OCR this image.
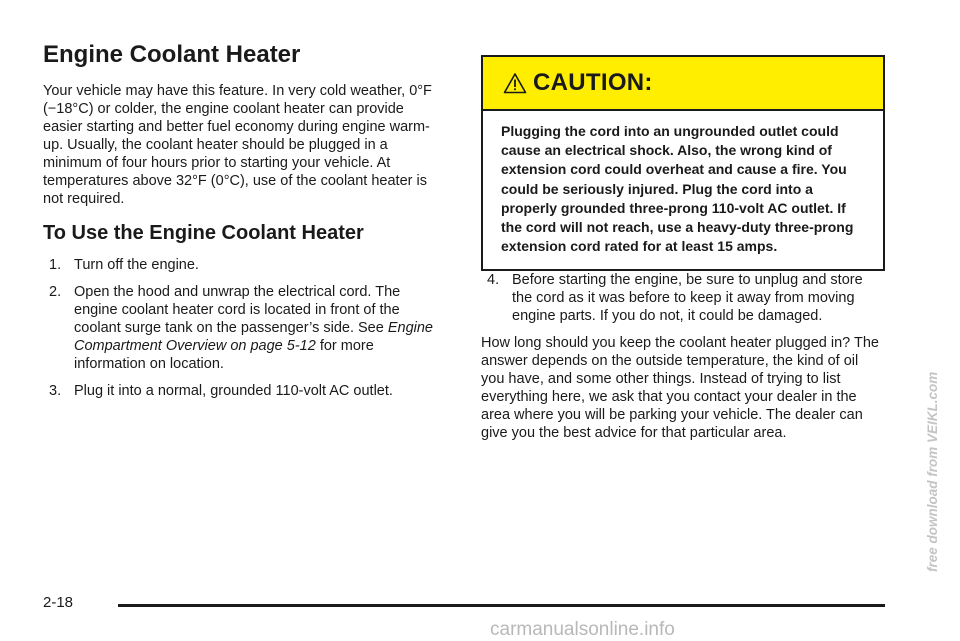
Engine Coolant Heater

Your vehicle may have this feature. In very cold weather, 0°F (−18°C) or colder, the engine coolant heater can provide easier starting and better fuel economy during engine warm-up. Usually, the coolant heater should be plugged in a minimum of four hours prior to starting your vehicle. At temperatures above 32°F (0°C), use of the coolant heater is not required.

To Use the Engine Coolant Heater
1. Turn off the engine.
2. Open the hood and unwrap the electrical cord. The engine coolant heater cord is located in front of the coolant surge tank on the passenger’s side. See Engine Compartment Overview on page 5-12 for more information on location.
3. Plug it into a normal, grounded 110-volt AC outlet.
CAUTION:
Plugging the cord into an ungrounded outlet could cause an electrical shock. Also, the wrong kind of extension cord could overheat and cause a fire. You could be seriously injured. Plug the cord into a properly grounded three-prong 110-volt AC outlet. If the cord will not reach, use a heavy-duty three-prong extension cord rated for at least 15 amps.
4. Before starting the engine, be sure to unplug and store the cord as it was before to keep it away from moving engine parts. If you do not, it could be damaged.

How long should you keep the coolant heater plugged in? The answer depends on the outside temperature, the kind of oil you have, and some other things. Instead of trying to list everything here, we ask that you contact your dealer in the area where you will be parking your vehicle. The dealer can give you the best advice for that particular area.

2-18
carmanualsonline.info
free download from VEIKL.com
